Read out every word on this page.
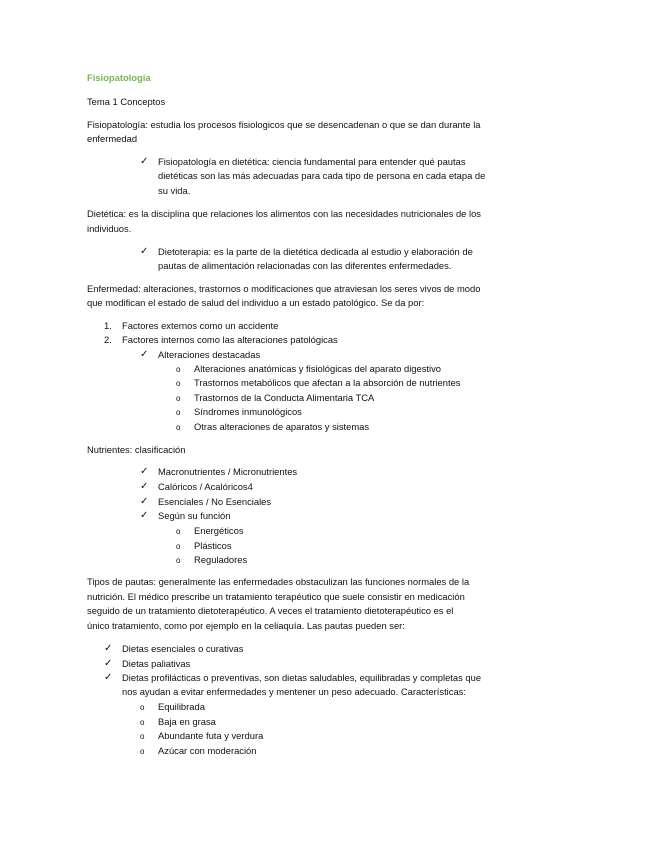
Fisiopatología
Tema 1 Conceptos
Fisiopatología: estudia los procesos fisiologicos que se desencadenan o que se dan durante la
enfermedad
✓ Fisiopatología en dietética: ciencia fundamental para entender qué pautas
dietéticas son las más adecuadas para cada tipo de persona en cada etapa de
su vida.
Dietética: es la disciplina que relaciones los alimentos con las necesidades nutricionales de los
individuos.
✓ Dietoterapia: es la parte de la dietética dedicada al estudio y elaboración de
pautas de alimentación relacionadas con las diferentes enfermedades.
Enfermedad: alteraciones, trastornos o modificaciones que atraviesan los seres vivos de modo
que modifican el estado de salud del individuo a un estado patológico. Se da por:
1. Factores externos como un accidente
2. Factores internos como las alteraciones patológicas
✓ Alteraciones destacadas
o Alteraciones anatómicas y fisiológicas del aparato digestivo
o Trastornos metabólicos que afectan a la absorción de nutrientes
o Trastornos de la Conducta Alimentaria TCA
o Síndromes inmunológicos
o Otras alteraciones de aparatos y sistemas
Nutrientes: clasificación
✓ Macronutrientes / Micronutrientes
✓ Calóricos / Acalóricos4
✓ Esenciales / No Esenciales
✓ Según su función
o Energéticos
o Plásticos
o Reguladores
Tipos de pautas: generalmente las enfermedades obstaculizan las funciones normales de la
nutrición. El médico prescribe un tratamiento terapéutico que suele consistir en medicación
seguido de un tratamiento dietoterapéutico. A veces el tratamiento dietoterapéutico es el
único tratamiento, como por ejemplo en la celiaquía. Las pautas pueden ser:
✓ Dietas esenciales o curativas
✓ Dietas paliativas
✓ Dietas profilácticas o preventivas, son dietas saludables, equilibradas y completas que
nos ayudan a evitar enfermedades y mentener un peso adecuado. Características:
o Equilibrada
o Baja en grasa
o Abundante futa y verdura
o Azúcar con moderación
